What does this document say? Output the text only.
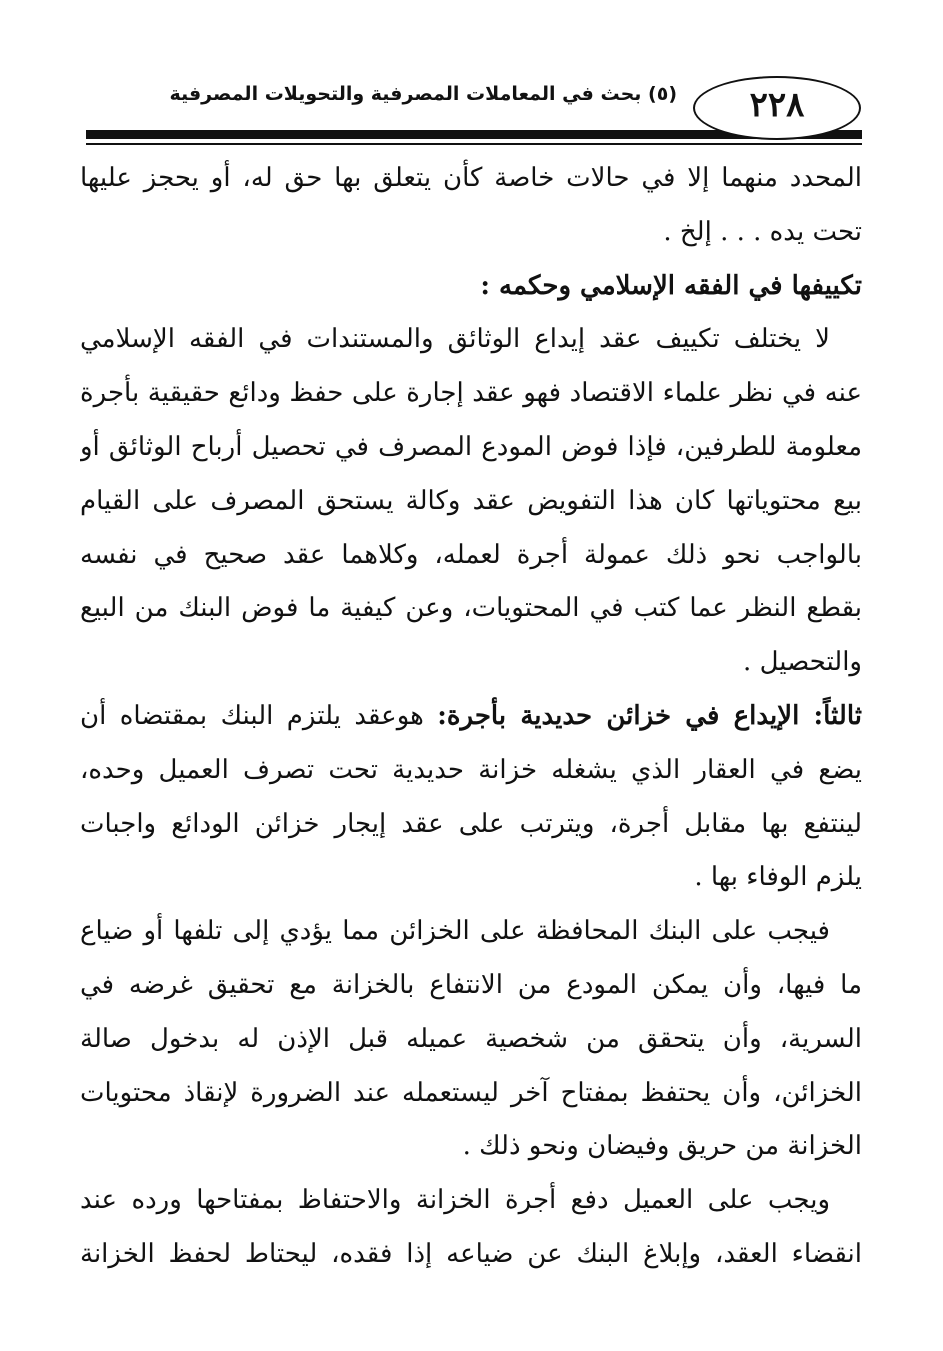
٢٢٨
(٥) بحث في المعاملات المصرفية والتحويلات المصرفية
المحدد منهما إلا في حالات خاصة كأن يتعلق بها حق له، أو يحجز عليها
تحت يده . . . إلخ .
تكييفها في الفقه الإسلامي وحكمه :
لا يختلف تكييف عقد إيداع الوثائق والمستندات في الفقه الإسلامي
عنه في نظر علماء الاقتصاد فهو عقد إجارة على حفظ ودائع حقيقية بأجرة
معلومة للطرفين، فإذا فوض المودع المصرف في تحصيل أرباح الوثائق أو
بيع محتوياتها كان هذا التفويض عقد وكالة يستحق المصرف على القيام
بالواجب نحو ذلك عمولة أجرة لعمله، وكلاهما عقد صحيح في نفسه
بقطع النظر عما كتب في المحتويات، وعن كيفية ما فوض البنك من البيع
والتحصيل .
ثالثاً: الإيداع في خزائن حديدية بأجرة: هوعقد يلتزم البنك بمقتضاه أن
يضع في العقار الذي يشغله خزانة حديدية تحت تصرف العميل وحده،
لينتفع بها مقابل أجرة، ويترتب على عقد إيجار خزائن الودائع واجبات
يلزم الوفاء بها .
فيجب على البنك المحافظة على الخزائن مما يؤدي إلى تلفها أو ضياع
ما فيها، وأن يمكن المودع من الانتفاع بالخزانة مع تحقيق غرضه في
السرية، وأن يتحقق من شخصية عميله قبل الإذن له بدخول صالة
الخزائن، وأن يحتفظ بمفتاح آخر ليستعمله عند الضرورة لإنقاذ محتويات
الخزانة من حريق وفيضان ونحو ذلك .
ويجب على العميل دفع أجرة الخزانة والاحتفاظ بمفتاحها ورده عند
انقضاء العقد، وإبلاغ البنك عن ضياعه إذا فقده، ليحتاط لحفظ الخزانة
